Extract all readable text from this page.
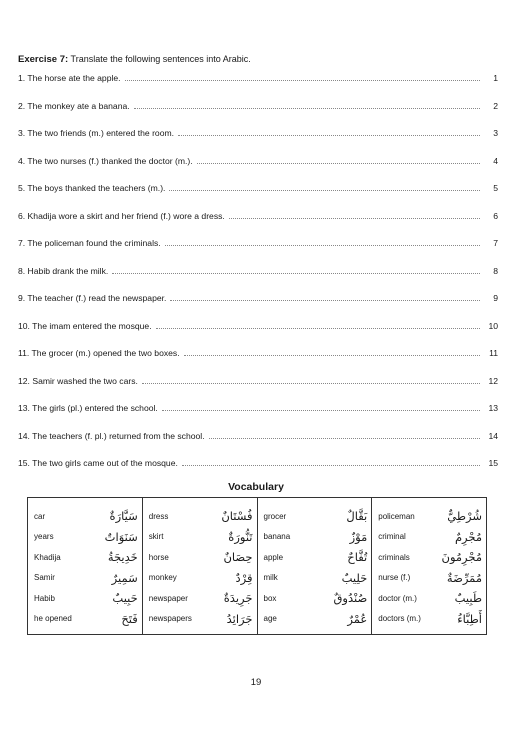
Exercise 7: Translate the following sentences into Arabic.
1. The horse ate the apple.	1
2. The monkey ate a banana.	2
3. The two friends (m.) entered the room.	3
4. The two nurses (f.) thanked the doctor (m.).	4
5. The boys thanked the teachers (m.).	5
6. Khadija wore a skirt and her friend (f.) wore a dress.	6
7. The policeman found the criminals.	7
8. Habib drank the milk.	8
9. The teacher (f.) read the newspaper.	9
10. The imam entered the mosque.	10
11. The grocer (m.) opened the two boxes.	11
12. Samir washed the two cars.	12
13. The girls (pl.) entered the school.	13
14. The teachers (f. pl.) returned from the school.	14
15. The two girls came out of the mosque.	15
Vocabulary
car	سَيَّارَةٌ
years	سَنَوَاتٌ
Khadija	خَدِيجَةُ
Samir	سَمِيرٌ
Habib	حَبِيبٌ
he opened	فَتَحَ
dress	فُسْتَانٌ
skirt	تَنُّورَةٌ
horse	حِصَانٌ
monkey	قِرْدٌ
newspaper	جَرِيدَةٌ
newspapers	جَرَائِدُ
grocer	بَقَّالٌ
banana	مَوْزٌ
apple	تُفَّاحٌ
milk	حَلِيبٌ
box	صُنْدُوقٌ
age	عُمْرٌ
policeman	شُرْطِيٌّ
criminal	مُجْرِمٌ
criminals	مُجْرِمُونَ
nurse (f.)	مُمَرِّضَةٌ
doctor (m.)	طَبِيبٌ
doctors (m.)	أَطِبَّاءُ
19
